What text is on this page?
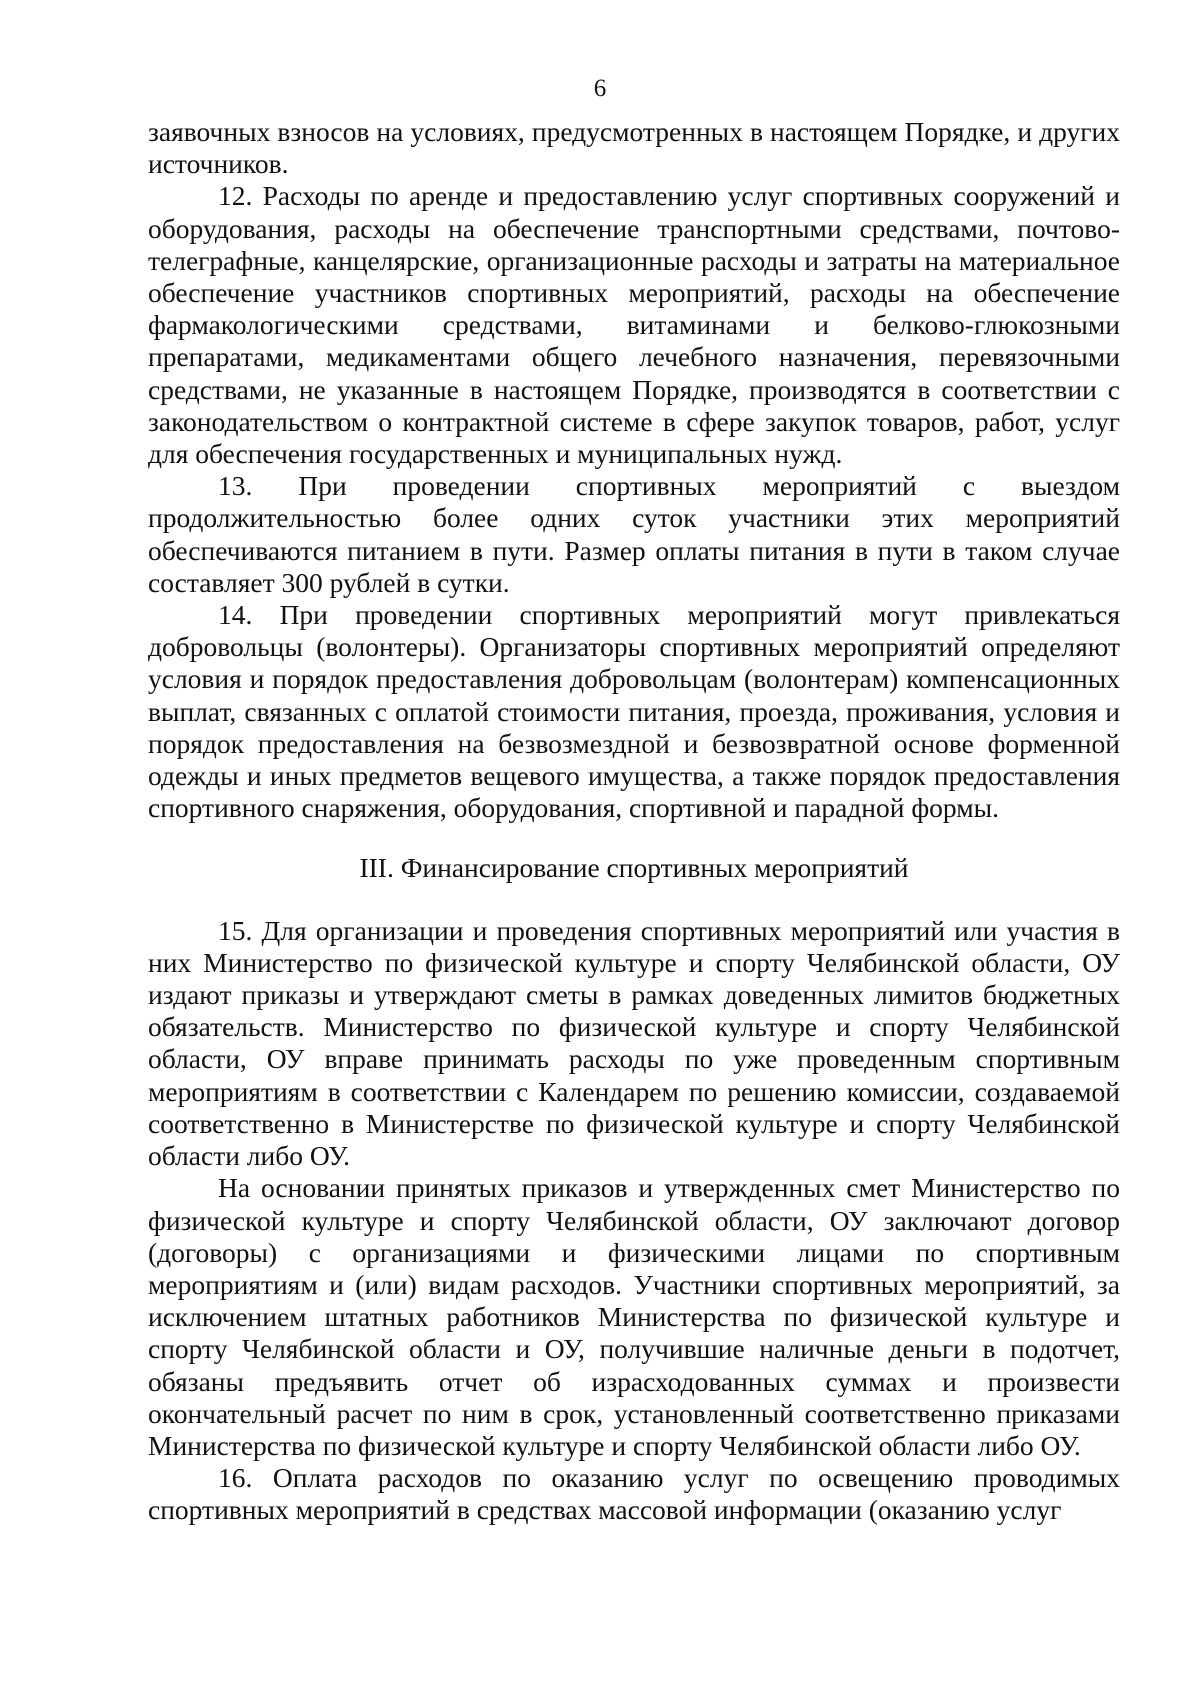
6

заявочных взносов на условиях, предусмотренных в настоящем Порядке, и других источников.

12. Расходы по аренде и предоставлению услуг спортивных сооружений и оборудования, расходы на обеспечение транспортными средствами, почтово-телеграфные, канцелярские, организационные расходы и затраты на материальное обеспечение участников спортивных мероприятий, расходы на обеспечение фармакологическими средствами, витаминами и белково-глюкозными препаратами, медикаментами общего лечебного назначения, перевязочными средствами, не указанные в настоящем Порядке, производятся в соответствии с законодательством о контрактной системе в сфере закупок товаров, работ, услуг для обеспечения государственных и муниципальных нужд.

13. При проведении спортивных мероприятий с выездом продолжительностью более одних суток участники этих мероприятий обеспечиваются питанием в пути. Размер оплаты питания в пути в таком случае составляет 300 рублей в сутки.

14. При проведении спортивных мероприятий могут привлекаться добровольцы (волонтеры). Организаторы спортивных мероприятий определяют условия и порядок предоставления добровольцам (волонтерам) компенсационных выплат, связанных с оплатой стоимости питания, проезда, проживания, условия и порядок предоставления на безвозмездной и безвозвратной основе форменной одежды и иных предметов вещевого имущества, а также порядок предоставления спортивного снаряжения, оборудования, спортивной и парадной формы.

III. Финансирование спортивных мероприятий

15. Для организации и проведения спортивных мероприятий или участия в них Министерство по физической культуре и спорту Челябинской области, ОУ издают приказы и утверждают сметы в рамках доведенных лимитов бюджетных обязательств. Министерство по физической культуре и спорту Челябинской области, ОУ вправе принимать расходы по уже проведенным спортивным мероприятиям в соответствии с Календарем по решению комиссии, создаваемой соответственно в Министерстве по физической культуре и спорту Челябинской области либо ОУ.

На основании принятых приказов и утвержденных смет Министерство по физической культуре и спорту Челябинской области, ОУ заключают договор (договоры) с организациями и физическими лицами по спортивным мероприятиям и (или) видам расходов. Участники спортивных мероприятий, за исключением штатных работников Министерства по физической культуре и спорту Челябинской области и ОУ, получившие наличные деньги в подотчет, обязаны предъявить отчет об израсходованных суммах и произвести окончательный расчет по ним в срок, установленный соответственно приказами Министерства по физической культуре и спорту Челябинской области либо ОУ.

16. Оплата расходов по оказанию услуг по освещению проводимых спортивных мероприятий в средствах массовой информации (оказанию услуг
